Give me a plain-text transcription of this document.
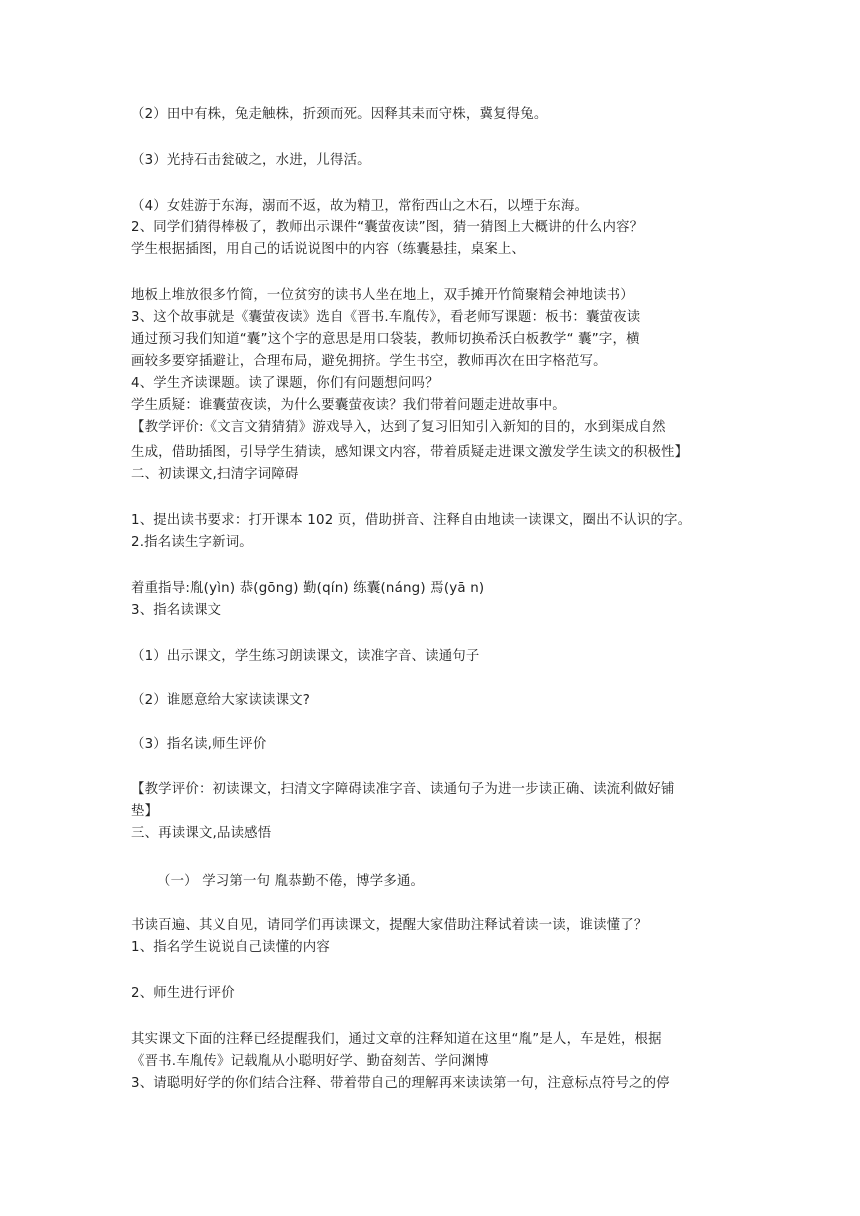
（2）田中有株，兔走触株，折颈而死。因释其耒而守株，冀复得兔。
（3）光持石击瓮破之，水进，儿得活。
（4）女娃游于东海，溺而不返，故为精卫，常衔西山之木石，以堙于东海。
2、同学们猜得棒极了，教师出示课件“囊萤夜读”图，猜一猜图上大概讲的什么内容？
学生根据插图，用自己的话说说图中的内容（练囊悬挂，桌案上、
地板上堆放很多竹简，一位贫穷的读书人坐在地上，双手摊开竹简聚精会神地读书）
3、这个故事就是《囊萤夜读》选自《晋书.车胤传》，看老师写课题：板书：囊萤夜读
通过预习我们知道“囊”这个字的意思是用口袋装，教师切换希沃白板教学“ 囊”字，横
画较多要穿插避让，合理布局，避免拥挤。学生书空，教师再次在田字格范写。
4、学生齐读课题。读了课题，你们有问题想问吗？
学生质疑：谁囊萤夜读，为什么要囊萤夜读？我们带着问题走进故事中。
【教学评价:《文言文猜猜猜》游戏导入，达到了复习旧知引入新知的目的，水到渠成自然
生成，借助插图，引导学生猜读，感知课文内容，带着质疑走进课文激发学生读文的积极性】
二、初读课文,扫清字词障碍
1、提出读书要求：打开课本 102 页，借助拼音、注释自由地读一读课文，圈出不认识的字。
2.指名读生字新词。
着重指导:胤(yìn) 恭(gōng) 勤(qín) 练囊(náng) 焉(yā n)
3、指名读课文
（1）出示课文，学生练习朗读课文，读准字音、读通句子
（2）谁愿意给大家读读课文?
（3）指名读,师生评价
【教学评价：初读课文，扫清文字障碍读准字音、读通句子为进一步读正确、读流利做好铺
垫】
三、再读课文,品读感悟
（一） 学习第一句 胤恭勤不倦，博学多通。
书读百遍、其义自见，请同学们再读课文，提醒大家借助注释试着读一读，谁读懂了？
1、指名学生说说自己读懂的内容
2、师生进行评价
其实课文下面的注释已经提醒我们，通过文章的注释知道在这里“胤”是人，车是姓，根据
《晋书.车胤传》记载胤从小聪明好学、勤奋刻苦、学问渊博
3、请聪明好学的你们结合注释、带着带自己的理解再来读读第一句，注意标点符号之的停
